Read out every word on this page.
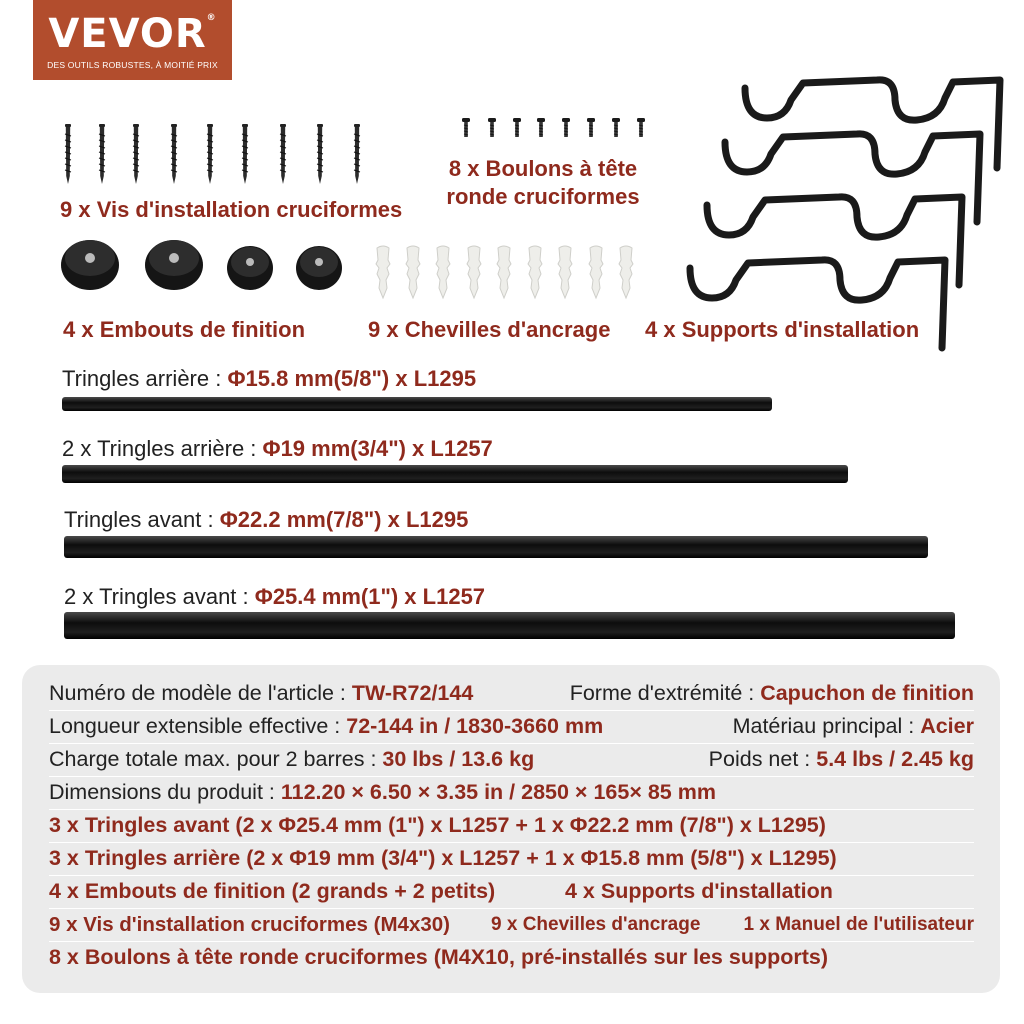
VEVOR®
DES OUTILS ROBUSTES, À MOITIÉ PRIX
9 x Vis d'installation cruciformes
8 x Boulons à tête ronde cruciformes
4 x Embouts de finition	9 x Chevilles d'ancrage 4 x Supports d'installation
Tringles arrière : Φ15.8 mm(5/8") x L1295
2 x Tringles arrière : Φ19 mm(3/4") x L1257
Tringles avant : Φ22.2 mm(7/8") x L1295
2 x Tringles avant : Φ25.4 mm(1") x L1257
Numéro de modèle de l'article : TW-R72/144	Forme d'extrémité : Capuchon de finition
Longueur extensible effective : 72-144 in / 1830-3660 mm	Matériau principal : Acier
Charge totale max. pour 2 barres : 30 lbs / 13.6 kg	Poids net : 5.4 lbs / 2.45 kg
Dimensions du produit : 112.20 × 6.50 × 3.35 in / 2850 × 165× 85 mm
3 x Tringles avant (2 x Φ25.4 mm (1") x L1257 + 1 x Φ22.2 mm (7/8") x L1295)
3 x Tringles arrière (2 x Φ19 mm (3/4") x L1257 + 1 x Φ15.8 mm (5/8") x L1295)
4 x Embouts de finition (2 grands + 2 petits)	4 x Supports d'installation
9 x Vis d'installation cruciformes (M4x30) 9 x Chevilles d'ancrage 1 x Manuel de l'utilisateur
8 x Boulons à tête ronde cruciformes (M4X10, pré-installés sur les supports)
